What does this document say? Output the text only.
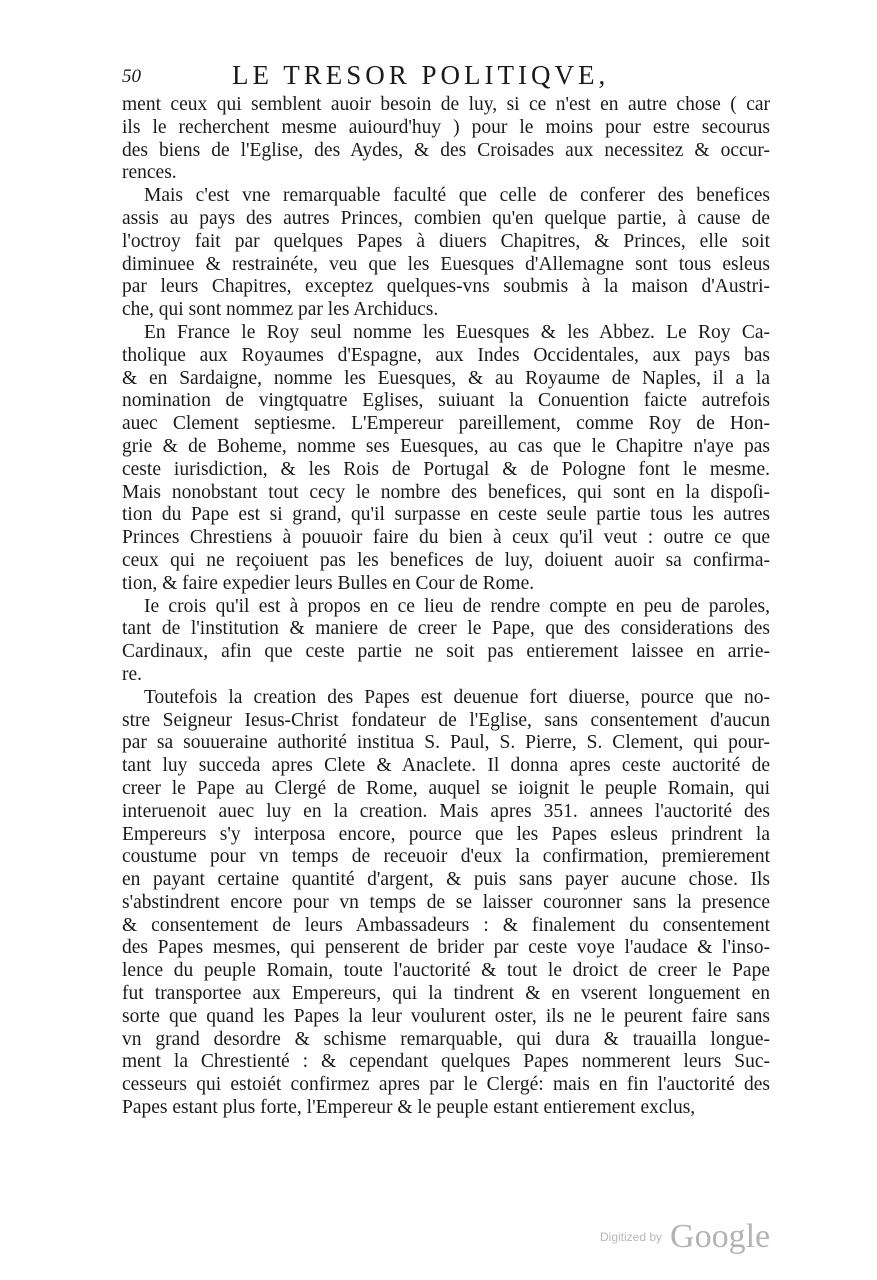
50	LE TRESOR POLITIQVE,
ment ceux qui semblent auoir besoin de luy, si ce n'est en autre chose ( car
ils le recherchent mesme auiourd'huy ) pour le moins pour estre secourus
des biens de l'Eglise, des Aydes, & des Croisades aux necessitez & occur-
rences.
Mais c'est vne remarquable faculté que celle de conferer des benefices
assis au pays des autres Princes, combien qu'en quelque partie, à cause de
l'octroy fait par quelques Papes à diuers Chapitres, & Princes, elle soit
diminuee & restrainéte, veu que les Euesques d'Allemagne sont tous esleus
par leurs Chapitres, exceptez quelques-vns soubmis à la maison d'Austri-
che, qui sont nommez par les Archiducs.
En France le Roy seul nomme les Euesques & les Abbez. Le Roy Ca-
tholique aux Royaumes d'Espagne, aux Indes Occidentales, aux pays bas
& en Sardaigne, nomme les Euesques, & au Royaume de Naples, il a la
nomination de vingtquatre Eglises, suiuant la Conuention faicte autrefois
auec Clement septiesme. L'Empereur pareillement, comme Roy de Hon-
grie & de Boheme, nomme ses Euesques, au cas que le Chapitre n'aye pas
ceste iurisdiction, & les Rois de Portugal & de Pologne font le mesme.
Mais nonobstant tout cecy le nombre des benefices, qui sont en la dispoſi-
tion du Pape est si grand, qu'il surpasse en ceste seule partie tous les autres
Princes Chrestiens à pouuoir faire du bien à ceux qu'il veut : outre ce que
ceux qui ne reçoiuent pas les benefices de luy, doiuent auoir sa confirma-
tion, & faire expedier leurs Bulles en Cour de Rome.
Ie crois qu'il est à propos en ce lieu de rendre compte en peu de paroles,
tant de l'institution & maniere de creer le Pape, que des considerations des
Cardinaux, afin que ceste partie ne soit pas entierement laissee en arrie-
re.
Toutefois la creation des Papes est deuenue fort diuerse, pource que no-
stre Seigneur Iesus-Christ fondateur de l'Eglise, sans consentement d'aucun
par sa souueraine authorité institua S. Paul, S. Pierre, S. Clement, qui pour-
tant luy succeda apres Clete & Anaclete. Il donna apres ceste auctorité de
creer le Pape au Clergé de Rome, auquel se ioignit le peuple Romain, qui
interuenoit auec luy en la creation. Mais apres 351. annees l'auctorité des
Empereurs s'y interposa encore, pource que les Papes esleus prindrent la
coustume pour vn temps de receuoir d'eux la confirmation, premierement
en payant certaine quantité d'argent, & puis sans payer aucune chose. Ils
s'abstindrent encore pour vn temps de se laisser couronner sans la presence
& consentement de leurs Ambassadeurs : & finalement du consentement
des Papes mesmes, qui penserent de brider par ceste voye l'audace & l'inso-
lence du peuple Romain, toute l'auctorité & tout le droict de creer le Pape
fut transportee aux Empereurs, qui la tindrent & en vserent longuement en
sorte que quand les Papes la leur voulurent oster, ils ne le peurent faire sans
vn grand desordre & schisme remarquable, qui dura & trauailla longue-
ment la Chrestienté : & cependant quelques Papes nommerent leurs Suc-
cesseurs qui estoiét confirmez apres par le Clergé: mais en fin l'auctorité des
Papes estant plus forte, l'Empereur & le peuple estant entierement exclus,
Digitized by Google
